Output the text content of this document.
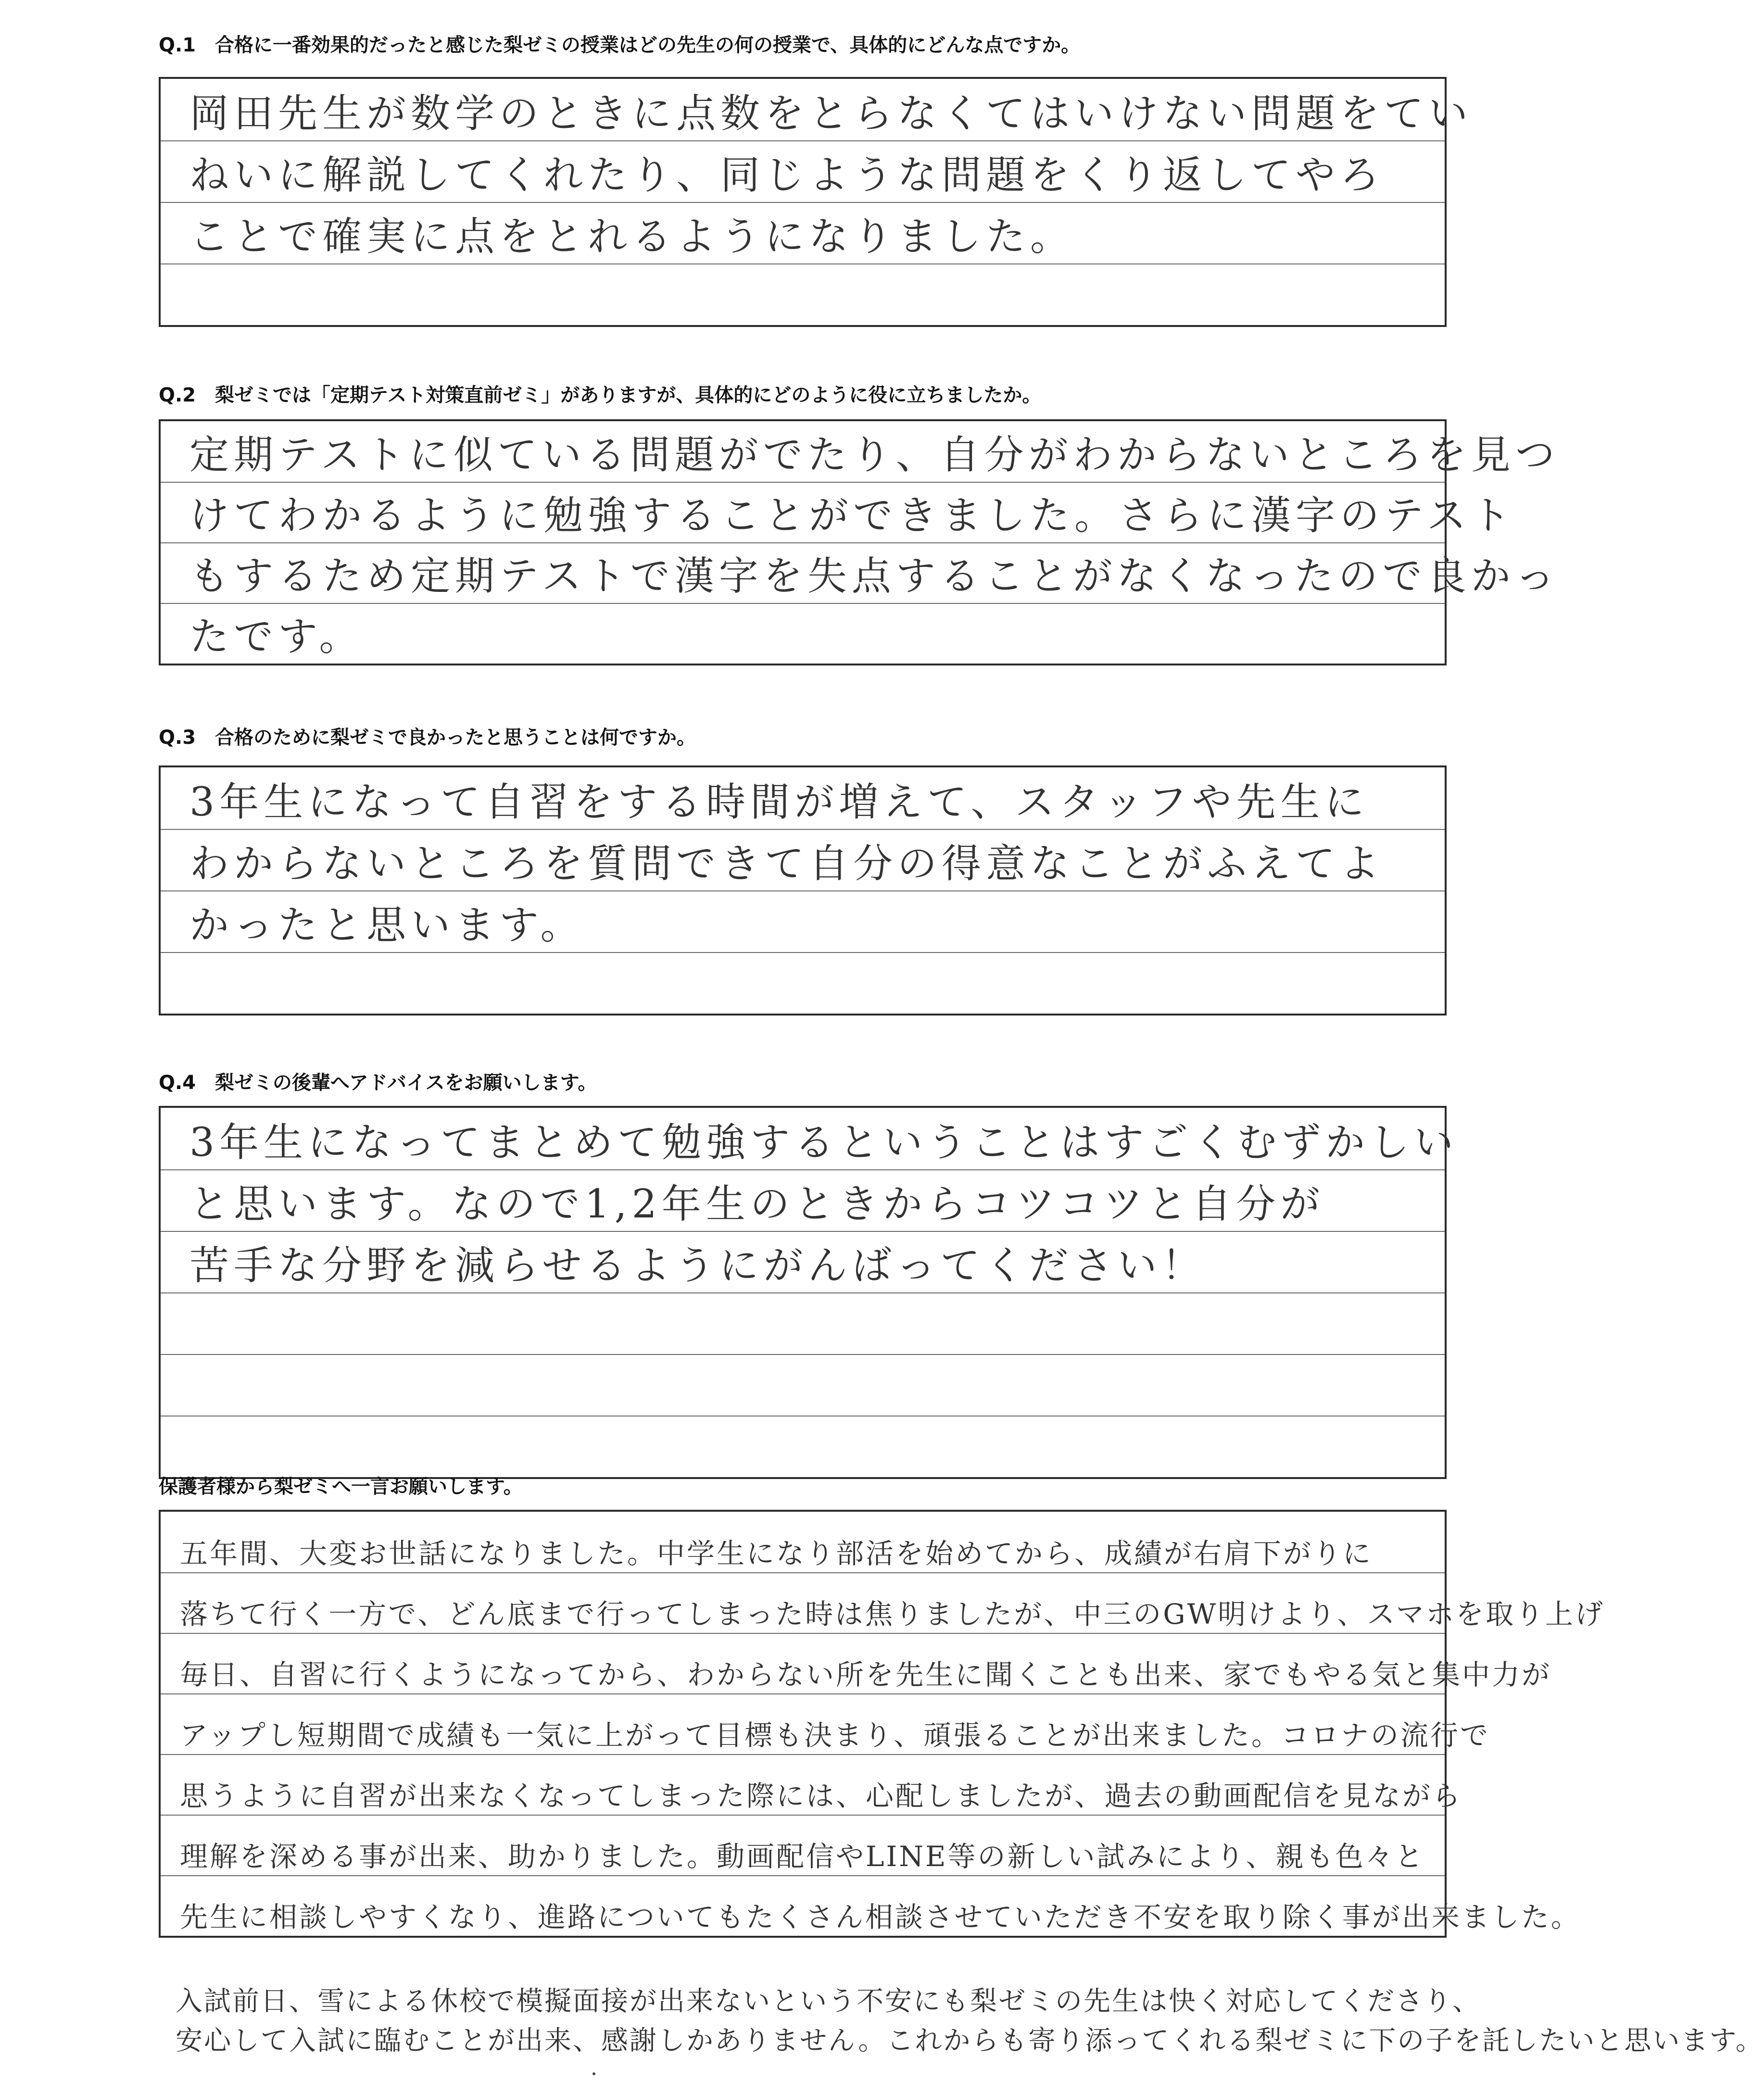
Q.1　合格に一番効果的だったと感じた梨ゼミの授業はどの先生の何の授業で、具体的にどんな点ですか。
岡田先生が数学のときに点数をとらなくてはいけない問題をてい
ねいに解説してくれたり、同じような問題をくり返してやろ
ことで確実に点をとれるようになりました。
Q.2　梨ゼミでは「定期テスト対策直前ゼミ」がありますが、具体的にどのように役に立ちましたか。
定期テストに似ている問題がでたり、自分がわからないところを見つ
けてわかるように勉強することができました。さらに漢字のテスト
もするため定期テストで漢字を失点することがなくなったので良かっ
たです。
Q.3　合格のために梨ゼミで良かったと思うことは何ですか。
3年生になって自習をする時間が増えて、スタッフや先生に
わからないところを質問できて自分の得意なことがふえてよ
かったと思います。
Q.4　梨ゼミの後輩へアドバイスをお願いします。
3年生になってまとめて勉強するということはすごくむずかしい
と思います。なので1,2年生のときからコツコツと自分が
苦手な分野を減らせるようにがんばってください！
保護者様から梨ゼミへ一言お願いします。
五年間、大変お世話になりました。中学生になり部活を始めてから、成績が右肩下がりに
落ちて行く一方で、どん底まで行ってしまった時は焦りましたが、中三のGW明けより、スマホを取り上げ
毎日、自習に行くようになってから、わからない所を先生に聞くことも出来、家でもやる気と集中力が
アップし短期間で成績も一気に上がって目標も決まり、頑張ることが出来ました。コロナの流行で
思うように自習が出来なくなってしまった際には、心配しましたが、過去の動画配信を見ながら
理解を深める事が出来、助かりました。動画配信やLINE等の新しい試みにより、親も色々と
先生に相談しやすくなり、進路についてもたくさん相談させていただき不安を取り除く事が出来ました。
入試前日、雪による休校で模擬面接が出来ないという不安にも梨ゼミの先生は快く対応してくださり、
安心して入試に臨むことが出来、感謝しかありません。これからも寄り添ってくれる梨ゼミに下の子を託したいと思います。
